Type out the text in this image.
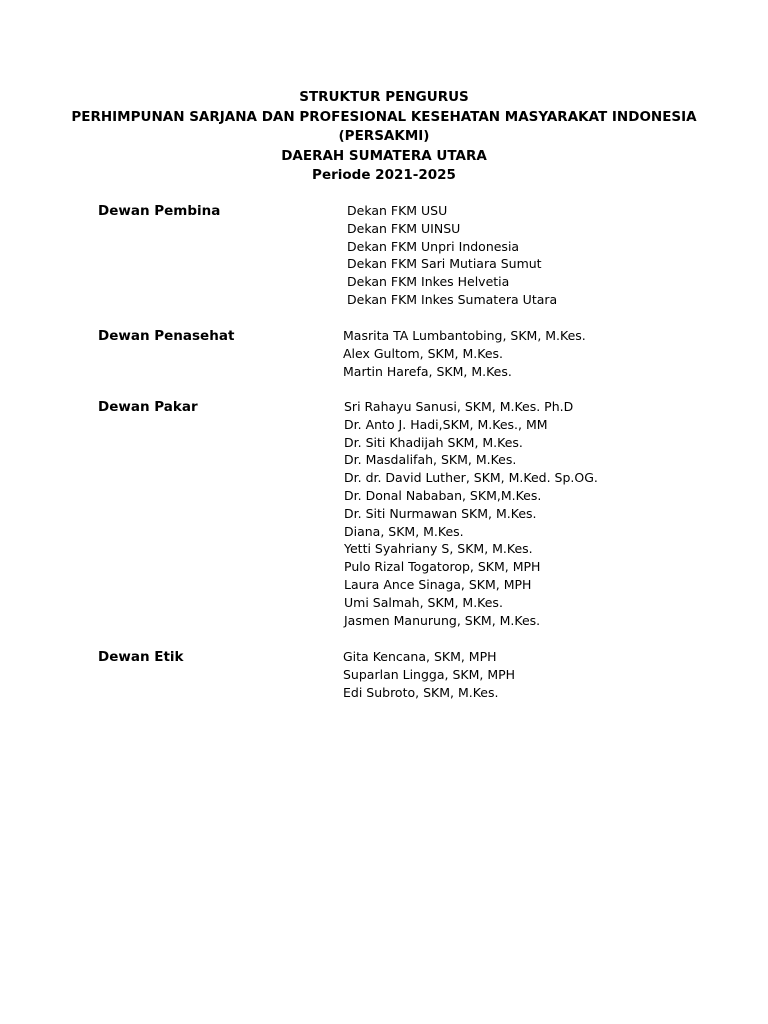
STRUKTUR PENGURUS
PERHIMPUNAN SARJANA DAN PROFESIONAL KESEHATAN MASYARAKAT INDONESIA
(PERSAKMI)
DAERAH SUMATERA UTARA
Periode 2021-2025
Dewan Pembina	Dekan FKM USU
Dekan FKM UINSU
Dekan FKM Unpri Indonesia
Dekan FKM Sari Mutiara Sumut
Dekan FKM Inkes Helvetia
Dekan FKM Inkes Sumatera Utara
Dewan Penasehat	Masrita TA Lumbantobing, SKM, M.Kes.
Alex Gultom, SKM, M.Kes.
Martin Harefa, SKM, M.Kes.
Dewan Pakar	Sri Rahayu Sanusi, SKM, M.Kes. Ph.D
Dr. Anto J. Hadi,SKM, M.Kes., MM
Dr. Siti Khadijah SKM, M.Kes.
Dr. Masdalifah, SKM, M.Kes.
Dr. dr. David Luther, SKM, M.Ked. Sp.OG.
Dr. Donal Nababan, SKM,M.Kes.
Dr. Siti Nurmawan SKM, M.Kes.
Diana, SKM, M.Kes.
Yetti Syahriany S, SKM, M.Kes.
Pulo Rizal Togatorop, SKM, MPH
Laura Ance Sinaga, SKM, MPH
Umi Salmah, SKM, M.Kes.
Jasmen Manurung, SKM, M.Kes.
Dewan Etik	Gita Kencana, SKM, MPH
Suparlan Lingga, SKM, MPH
Edi Subroto, SKM, M.Kes.
